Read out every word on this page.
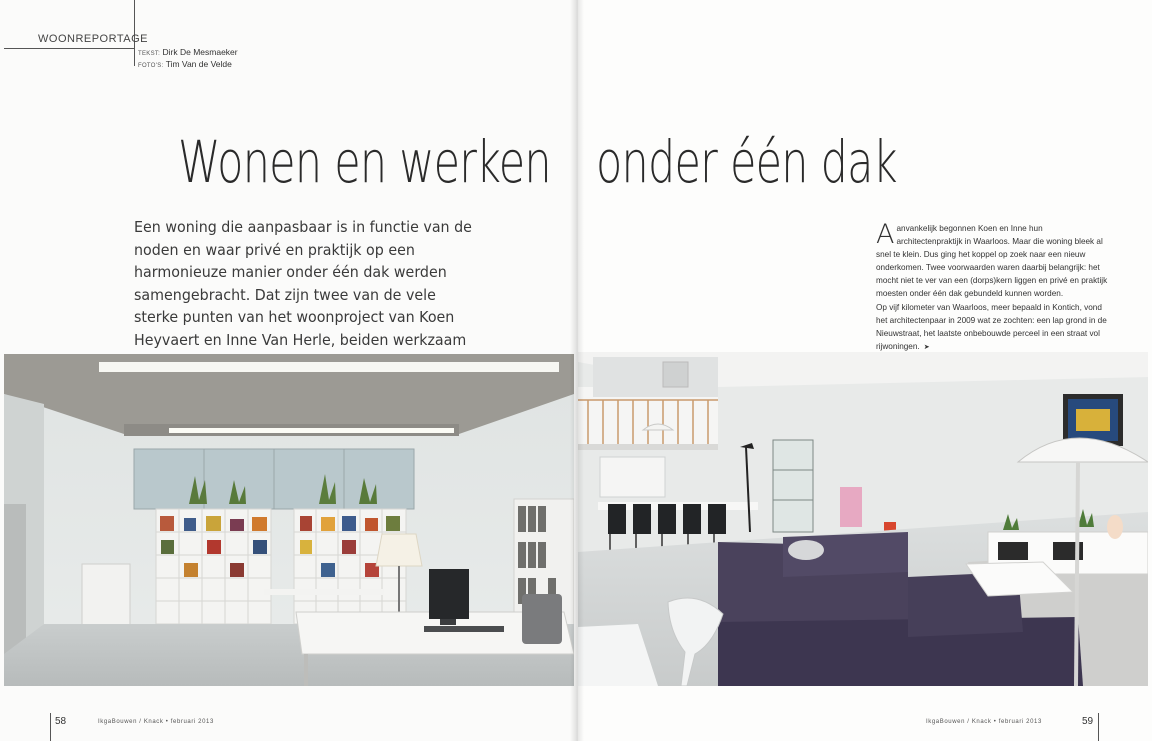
WOONREPORTAGE
TEKST: Dirk De Mesmaeker
FOTO'S: Tim Van de Velde
Wonen en werken onder één dak
Een woning die aanpasbaar is in functie van de noden en waar privé en praktijk op een harmonieuze manier onder één dak werden samengebracht. Dat zijn twee van de vele sterke punten van het woonproject van Koen Heyvaert en Inne Van Herle, beiden werkzaam

Aanvankelijk begonnen Koen en Inne hun architectenpraktijk in Waarloos. Maar die woning bleek al snel te klein. Dus ging het koppel op zoek naar een nieuw onderkomen. Twee voorwaarden waren daarbij belangrijk: het mocht niet te ver van een (dorps)kern liggen en privé en praktijk moesten onder één dak gebundeld kunnen worden.

Op vijf kilometer van Waarloos, meer bepaald in Kontich, vond het architectenpaar in 2009 wat ze zochten: een lap grond in de Nieuwstraat, het laatste onbebouwde perceel in een straat vol rijwoningen. ➤

58	IkgaBouwen / Knack • februari 2013	IkgaBouwen / Knack • februari 2013	59
